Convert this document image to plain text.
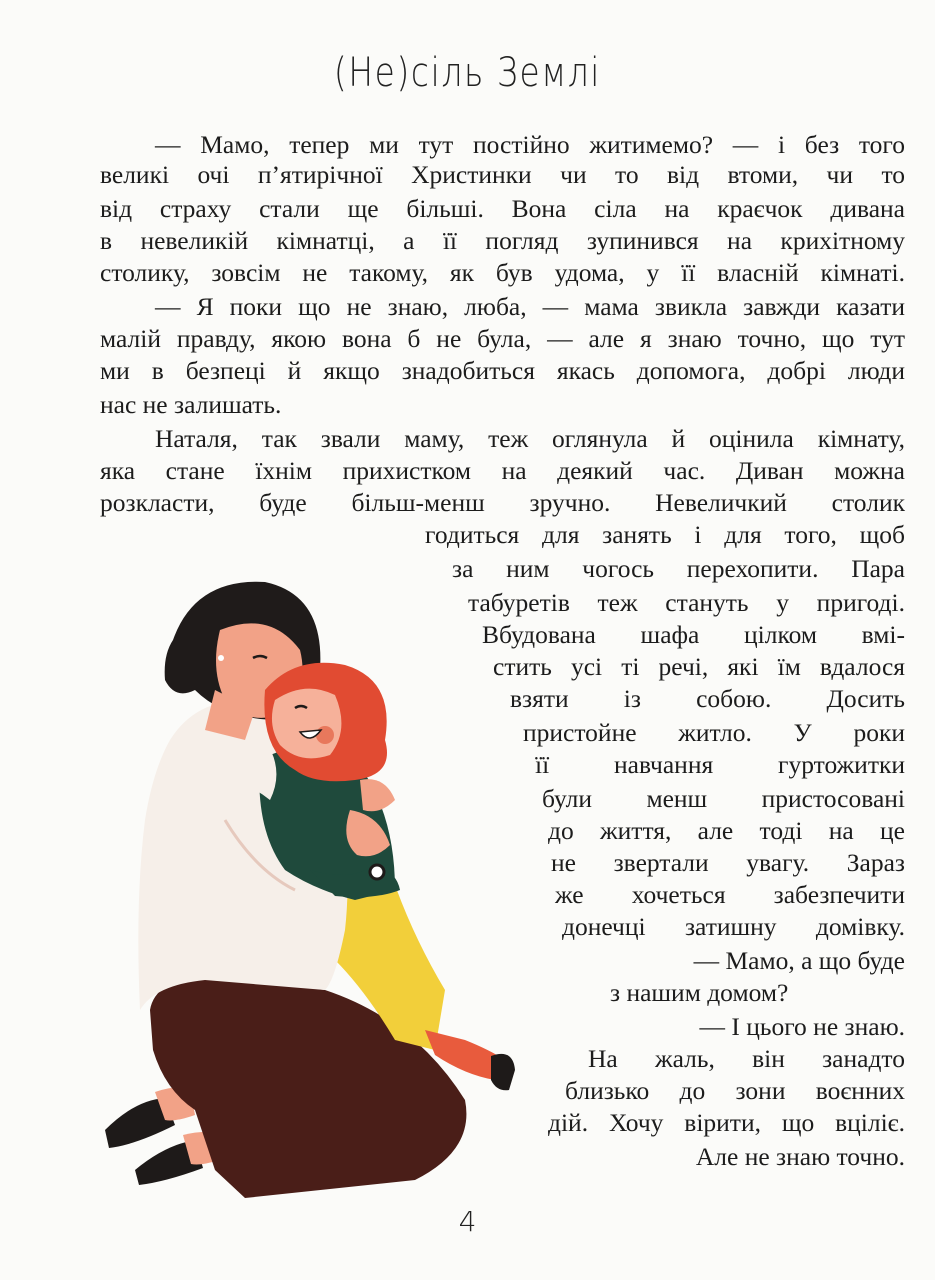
(Не)сіль Землі
— Мамо, тепер ми тут постійно житимемо? — і без того
великі очі п’ятирічної Христинки чи то від втоми, чи то
від страху стали ще більші. Вона сіла на краєчок дивана
в невеликій кімнатці, а її погляд зупинився на крихітному
столику, зовсім не такому, як був удома, у її власній кімнаті.
— Я поки що не знаю, люба, — мама звикла завжди казати
малій правду, якою вона б не була, — але я знаю точно, що тут
ми в безпеці й якщо знадобиться якась допомога, добрі люди
нас не залишать.
Наталя, так звали маму, теж оглянула й оцінила кімнату,
яка стане їхнім прихистком на деякий час. Диван можна
розкласти, буде більш-менш зручно. Невеличкий столик
годиться для занять і для того, щоб
за ним чогось перехопити. Пара
табуретів теж стануть у пригоді.
Вбудована шафа цілком вмі-
стить усі ті речі, які їм вдалося
взяти із собою. Досить
пристойне житло. У роки
її навчання гуртожитки
були менш пристосовані
до життя, але тоді на це
не звертали увагу. Зараз
же хочеться забезпечити
донечці затишну домівку.
— Мамо, а що буде
з нашим домом?
— І цього не знаю.
На жаль, він занадто
близько до зони воєнних
дій. Хочу вірити, що вціліє.
Але не знаю точно.
4
